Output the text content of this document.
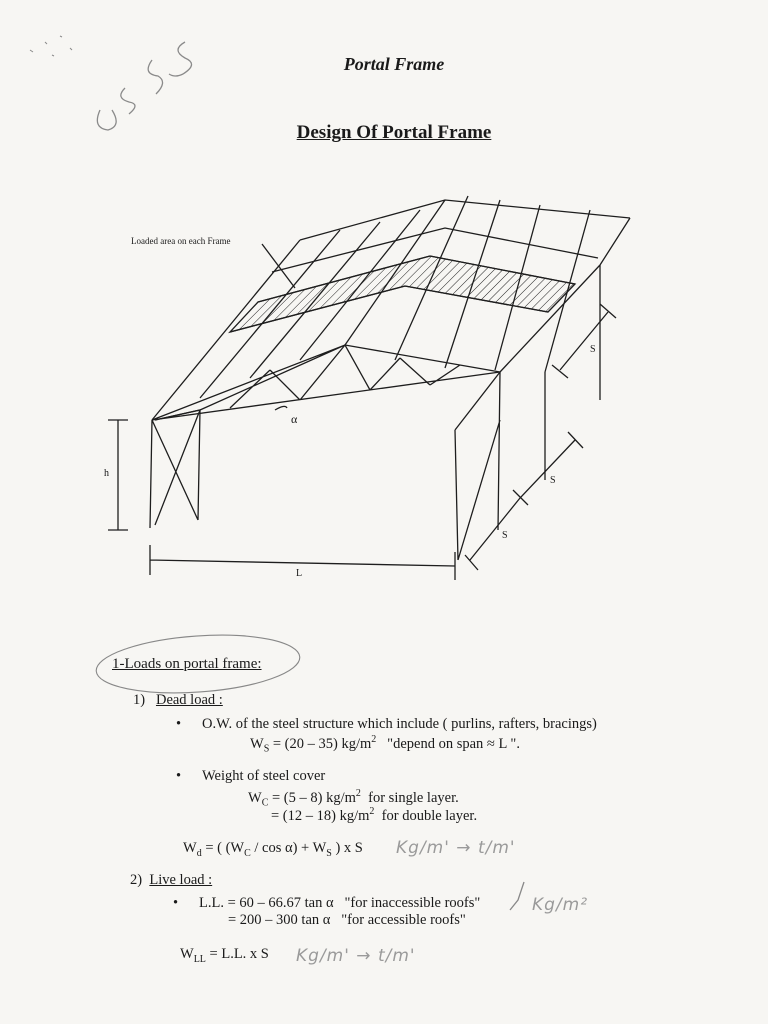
Portal Frame
Design Of Portal Frame
Loaded area on each Frame
α
h
L
S
S
S
1-Loads on portal frame:
1) Dead load :
• O.W. of the steel structure which include ( purlins, rafters, bracings)
$W_S = (20 - 35)$ $kg/m^2$ "depend on span ≈ L ".
• Weight of steel cover
$W_C = (5 - 8)$ $kg/m^2$ for single layer.
= (12 – 18) $kg/m^2$ for double layer.
$W_d$ = ( $(W_C / \cos \alpha) + W_S$ ) x S Kg/m' → t/m'
2) Live load :
• L.L. = 60 – 66.67 tan α "for inaccessible roofs"	Kg/m²
= 200 – 300 tan α "for accessible roofs"
$W_{LL} = L.L$. x S Kg/m' → t/m'
